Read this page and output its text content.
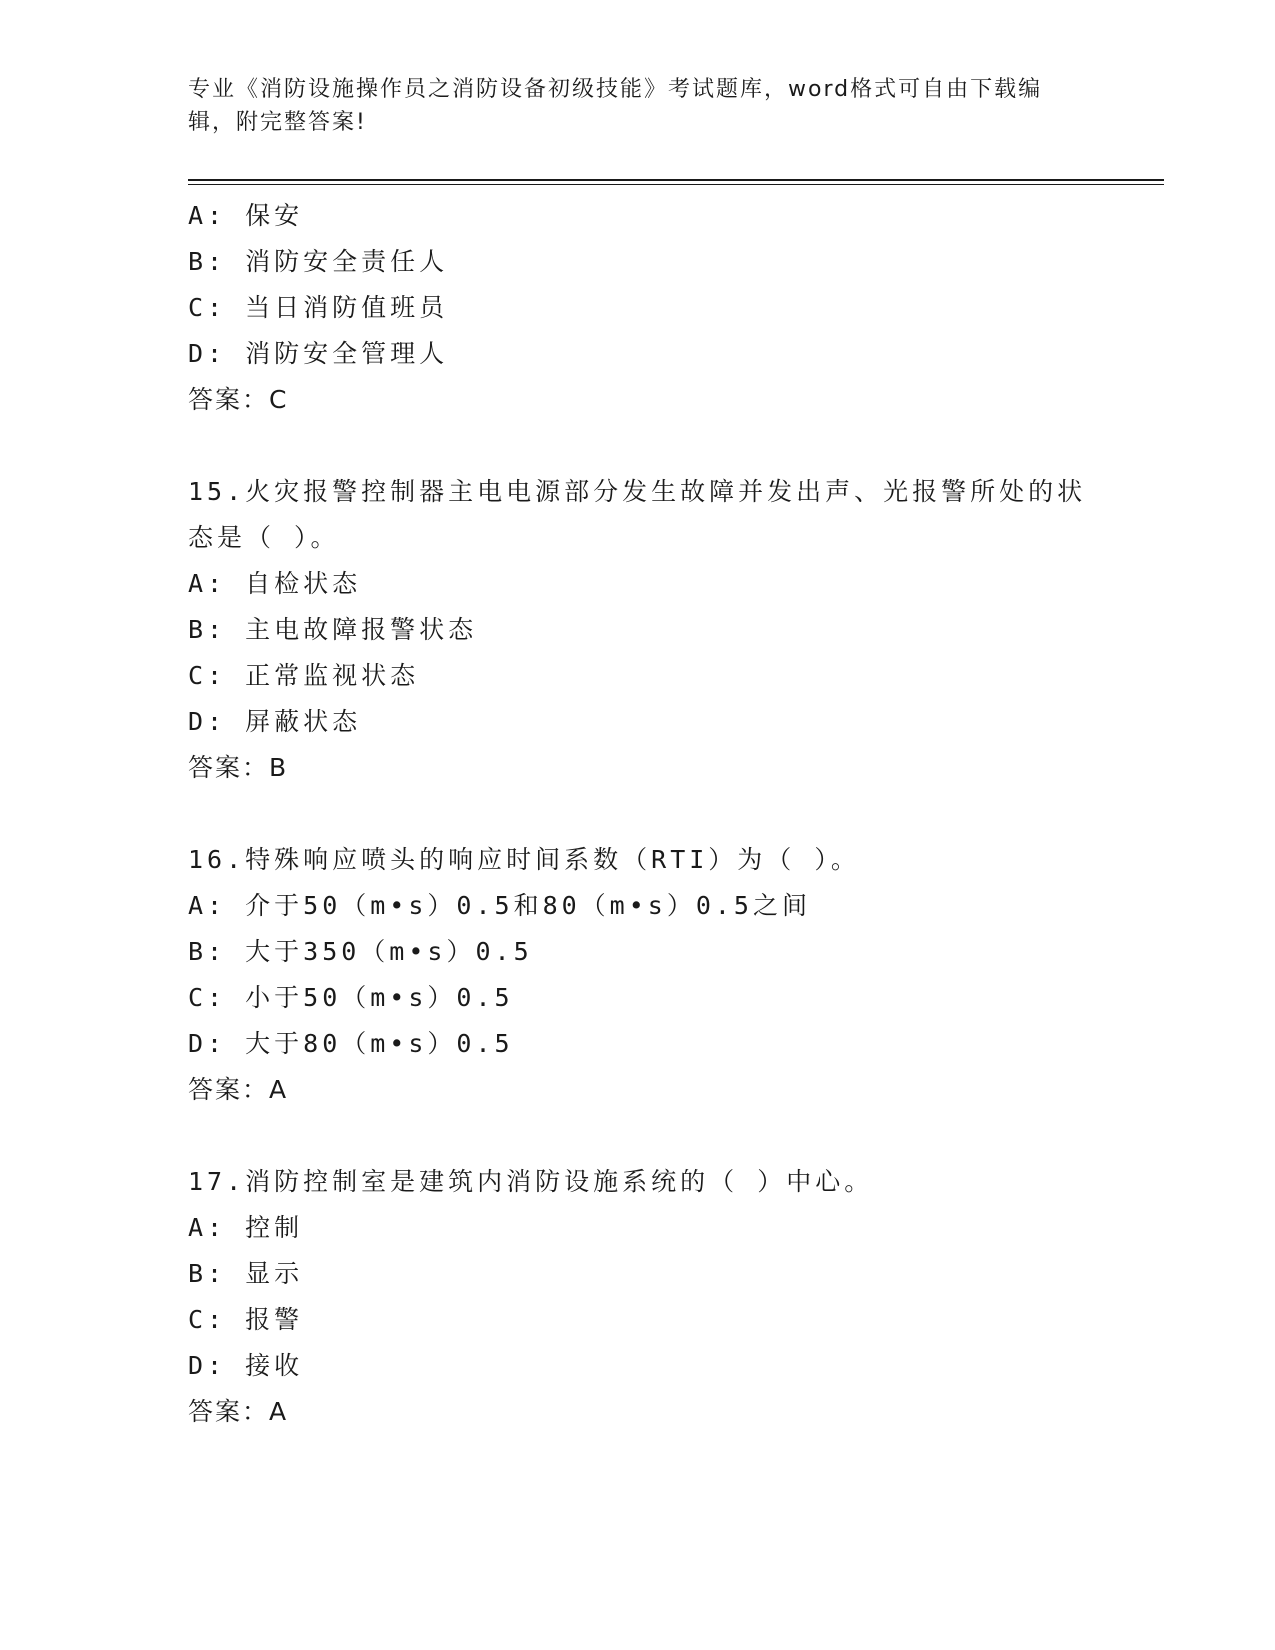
专业《消防设施操作员之消防设备初级技能》考试题库，word格式可自由下载编
辑，附完整答案!
A: 保安
B: 消防安全责任人
C: 当日消防值班员
D: 消防安全管理人
答案：C
15.火灾报警控制器主电电源部分发生故障并发出声、光报警所处的状
态是（ ）。
A: 自检状态
B: 主电故障报警状态
C: 正常监视状态
D: 屏蔽状态
答案：B
16.特殊响应喷头的响应时间系数（RTI）为（ ）。
A: 介于50（m•s）0.5和80（m•s）0.5之间
B: 大于350（m•s）0.5
C: 小于50（m•s）0.5
D: 大于80（m•s）0.5
答案：A
17.消防控制室是建筑内消防设施系统的（ ）中心。
A: 控制
B: 显示
C: 报警
D: 接收
答案：A
